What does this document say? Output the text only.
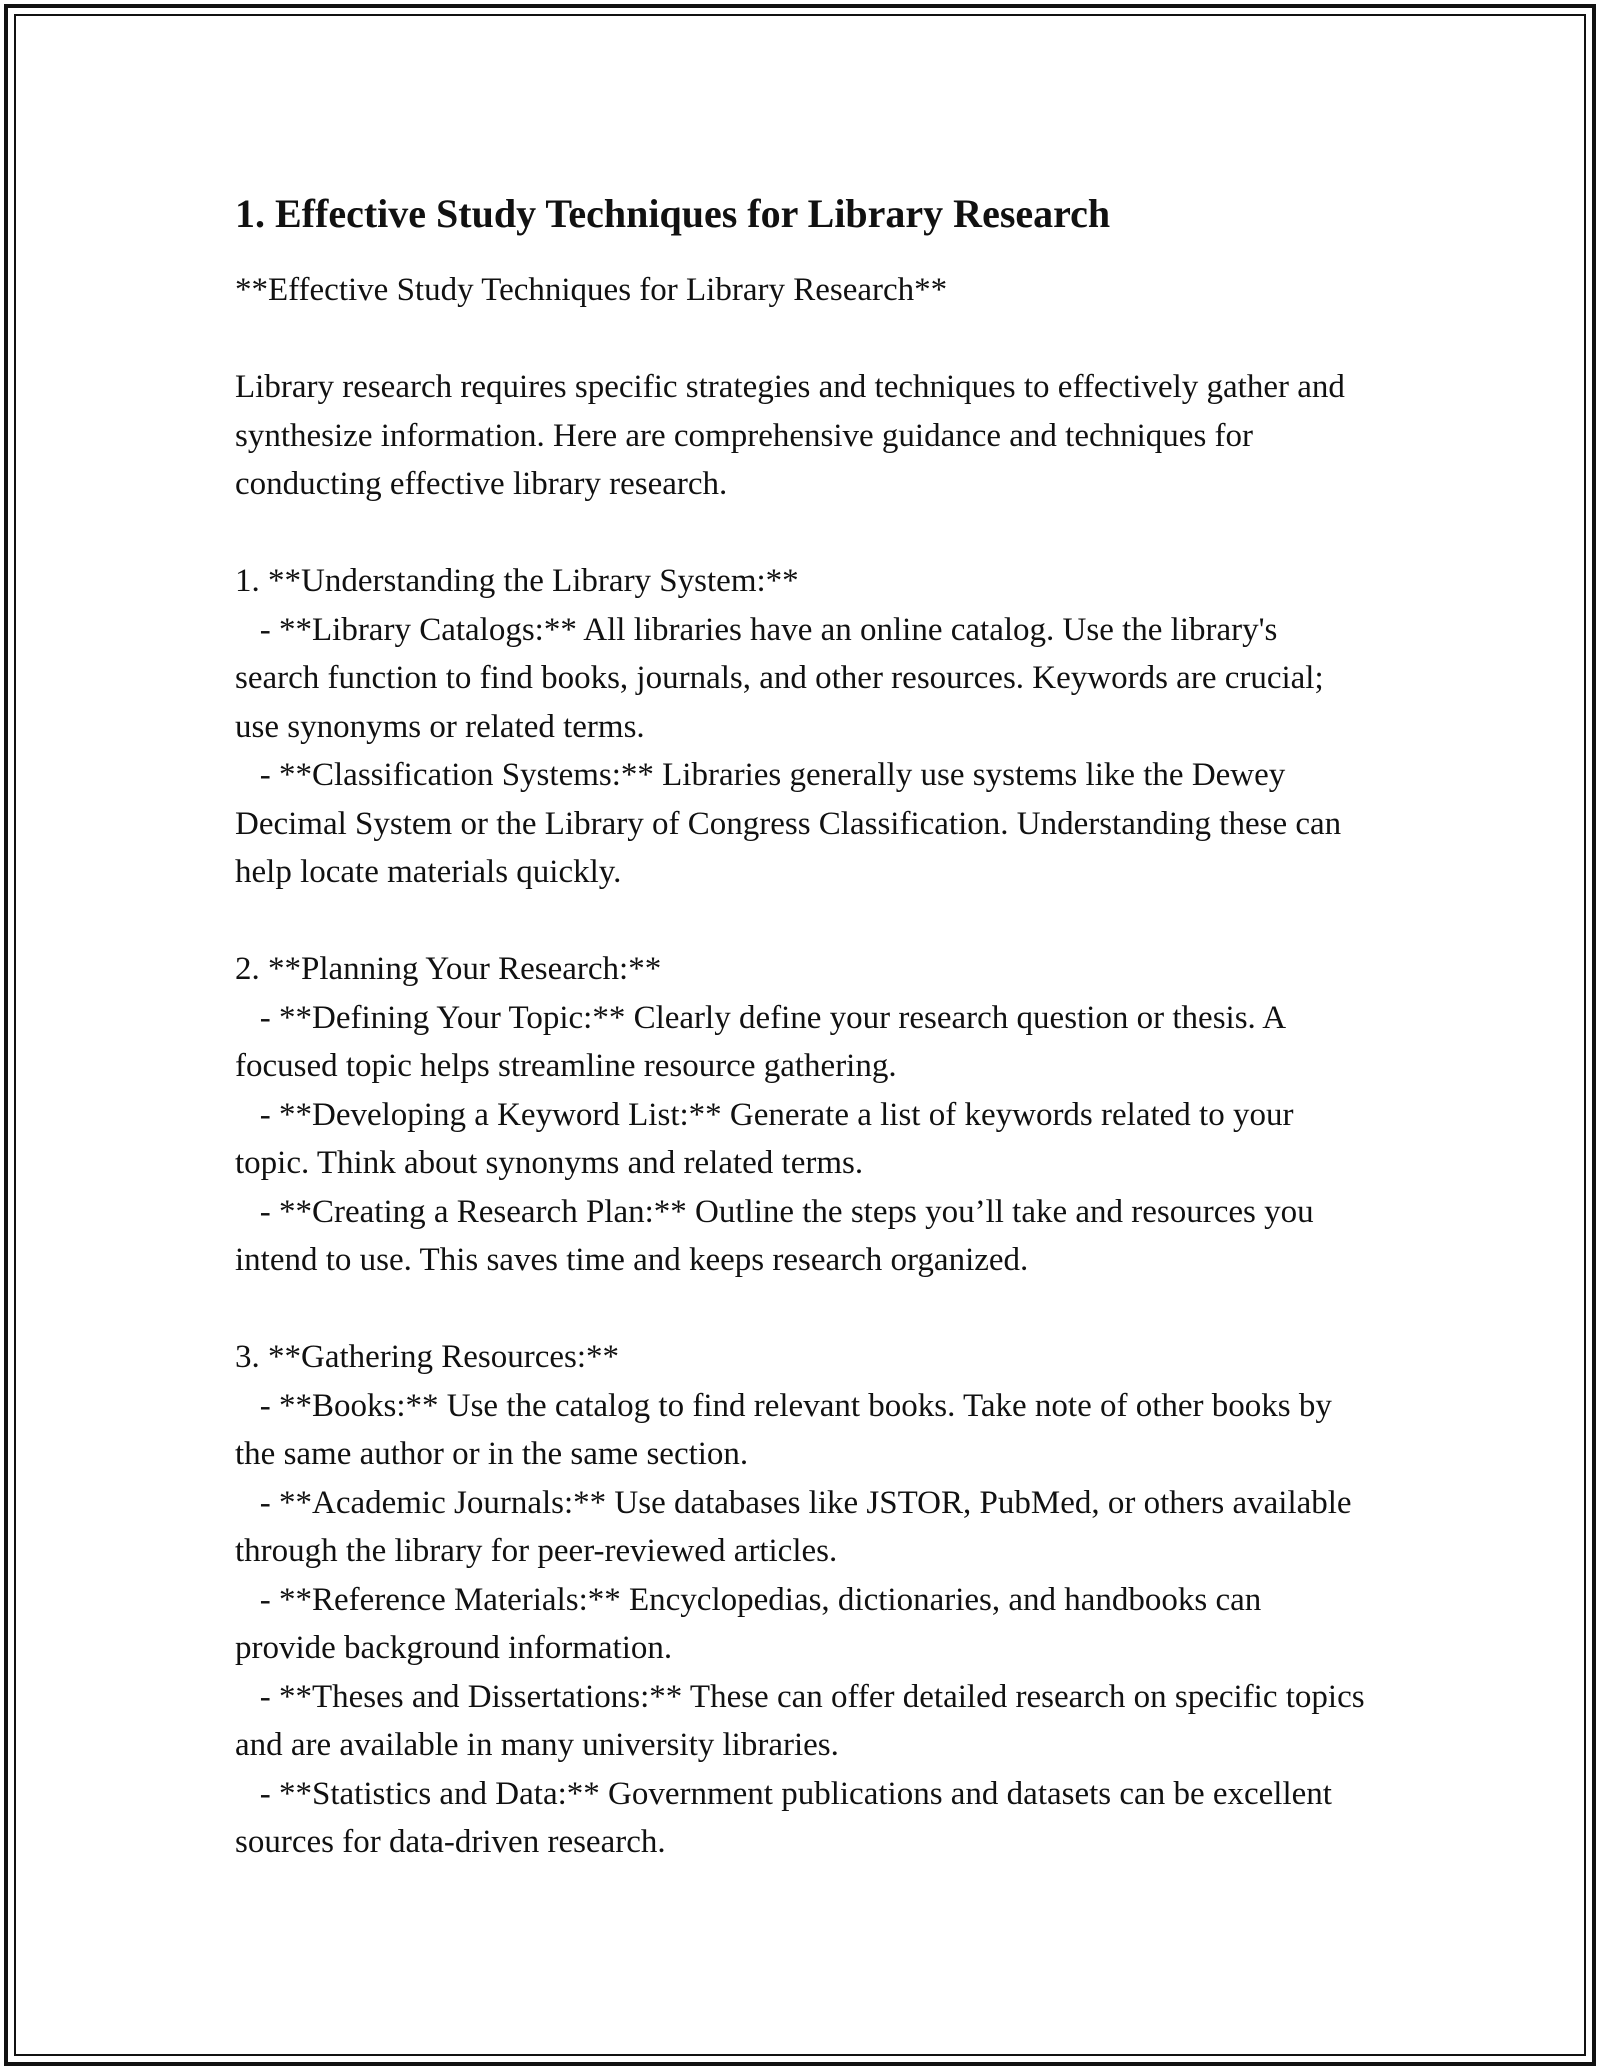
1. Effective Study Techniques for Library Research

**Effective Study Techniques for Library Research**

Library research requires specific strategies and techniques to effectively gather and synthesize information. Here are comprehensive guidance and techniques for conducting effective library research.

1. **Understanding the Library System:**

- **Library Catalogs:** All libraries have an online catalog. Use the library's search function to find books, journals, and other resources. Keywords are crucial; use synonyms or related terms.

- **Classification Systems:** Libraries generally use systems like the Dewey Decimal System or the Library of Congress Classification. Understanding these can help locate materials quickly.

2. **Planning Your Research:**

- **Defining Your Topic:** Clearly define your research question or thesis. A focused topic helps streamline resource gathering.

- **Developing a Keyword List:** Generate a list of keywords related to your topic. Think about synonyms and related terms.

- **Creating a Research Plan:** Outline the steps you’ll take and resources you intend to use. This saves time and keeps research organized.

3. **Gathering Resources:**

- **Books:** Use the catalog to find relevant books. Take note of other books by the same author or in the same section.

- **Academic Journals:** Use databases like JSTOR, PubMed, or others available through the library for peer-reviewed articles.

- **Reference Materials:** Encyclopedias, dictionaries, and handbooks can provide background information.

- **Theses and Dissertations:** These can offer detailed research on specific topics and are available in many university libraries.

- **Statistics and Data:** Government publications and datasets can be excellent sources for data-driven research.
